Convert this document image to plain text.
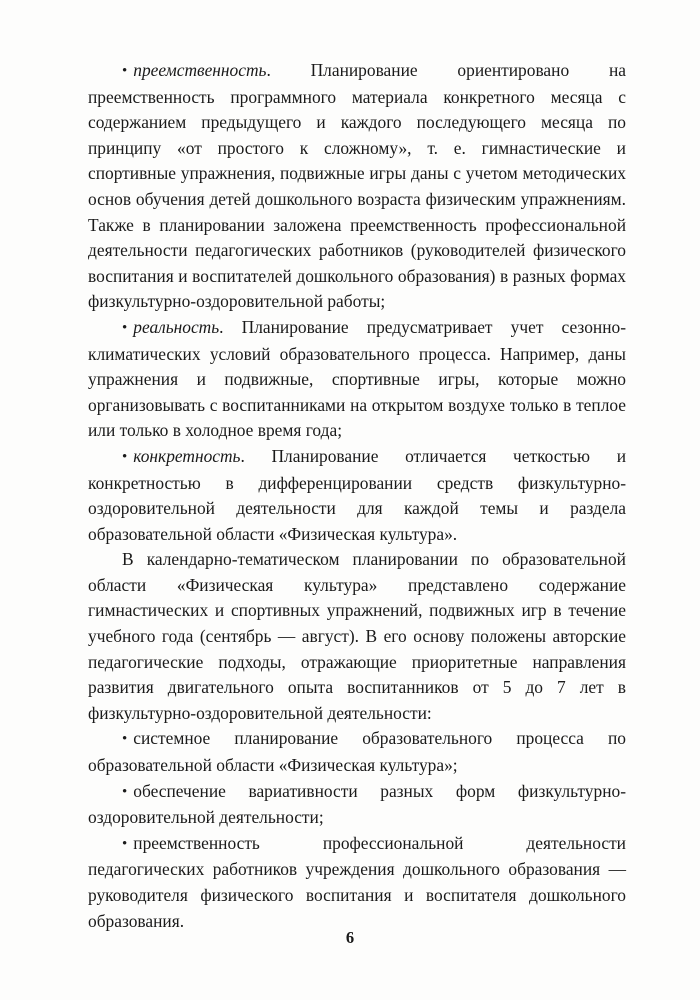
• преемственность. Планирование ориентировано на преемственность программного материала конкретного месяца с содержанием предыдущего и каждого последующего месяца по принципу «от простого к сложному», т. е. гимнастические и спортивные упражнения, подвижные игры даны с учетом методических основ обучения детей дошкольного возраста физическим упражнениям. Также в планировании заложена преемственность профессиональной деятельности педагогических работников (руководителей физического воспитания и воспитателей дошкольного образования) в разных формах физкультурно-оздоровительной работы;

• реальность. Планирование предусматривает учет сезонно-климатических условий образовательного процесса. Например, даны упражнения и подвижные, спортивные игры, которые можно организовывать с воспитанниками на открытом воздухе только в теплое или только в холодное время года;

• конкретность. Планирование отличается четкостью и конкретностью в дифференцировании средств физкультурно-оздоровительной деятельности для каждой темы и раздела образовательной области «Физическая культура».

В календарно-тематическом планировании по образовательной области «Физическая культура» представлено содержание гимнастических и спортивных упражнений, подвижных игр в течение учебного года (сентябрь — август). В его основу положены авторские педагогические подходы, отражающие приоритетные направления развития двигательного опыта воспитанников от 5 до 7 лет в физкультурно-оздоровительной деятельности:

• системное планирование образовательного процесса по образовательной области «Физическая культура»;

• обеспечение вариативности разных форм физкультурно-оздоровительной деятельности;

• преемственность профессиональной деятельности педагогических работников учреждения дошкольного образования — руководителя физического воспитания и воспитателя дошкольного образования.

6
